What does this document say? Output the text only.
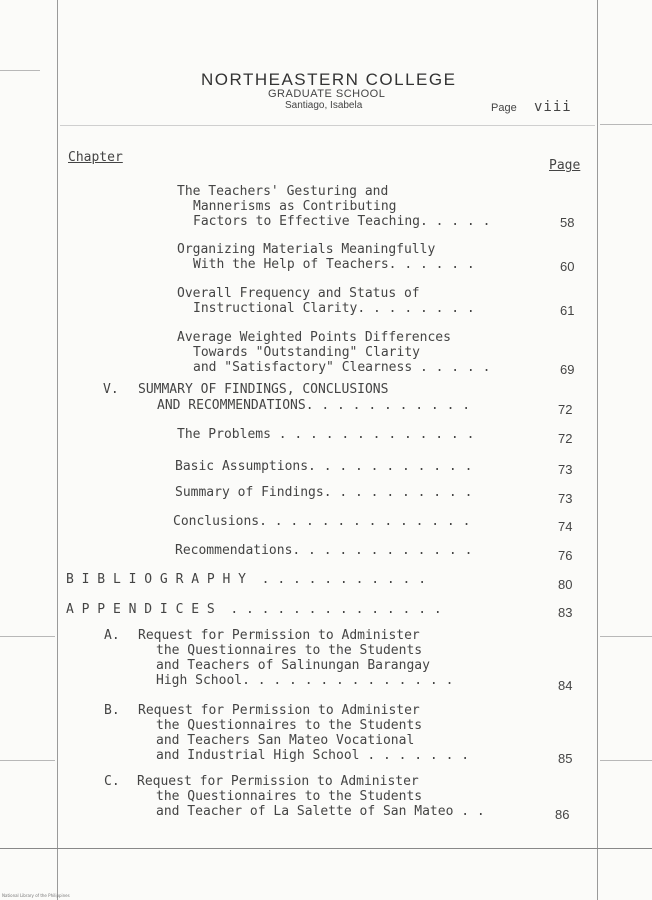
NORTHEASTERN COLLEGE
GRADUATE SCHOOL
Santiago, Isabela	Page viii
Chapter
Page
The Teachers' Gesturing and
Mannerisms as Contributing
Factors to Effective Teaching. . . . .	58
Organizing Materials Meaningfully
With the Help of Teachers. . . . . .	60
Overall Frequency and Status of
Instructional Clarity. . . . . . . .	61
Average Weighted Points Differences
Towards "Outstanding" Clarity
and "Satisfactory" Clearness . . . . .	69
V. SUMMARY OF FINDINGS, CONCLUSIONS
AND RECOMMENDATIONS. . . . . . . . . . .	72
The Problems . . . . . . . . . . . . .	72
Basic Assumptions. . . . . . . . . . .	73
Summary of Findings. . . . . . . . . .	73
Conclusions. . . . . . . . . . . . . .	74
Recommendations. . . . . . . . . . . .	76
B I B L I O G R A P H Y  . . . . . . . . . . .	80
A P P E N D I C E S  . . . . . . . . . . . . . .	83
A. Request for Permission to Administer
the Questionnaires to the Students
and Teachers of Salinungan Barangay
High School. . . . . . . . . . . . . .	84
B. Request for Permission to Administer
the Questionnaires to the Students
and Teachers San Mateo Vocational
and Industrial High School . . . . . . .	85
C. Request for Permission to Administer
the Questionnaires to the Students
and Teacher of La Salette of San Mateo . .	86
National Library of the Philippines
